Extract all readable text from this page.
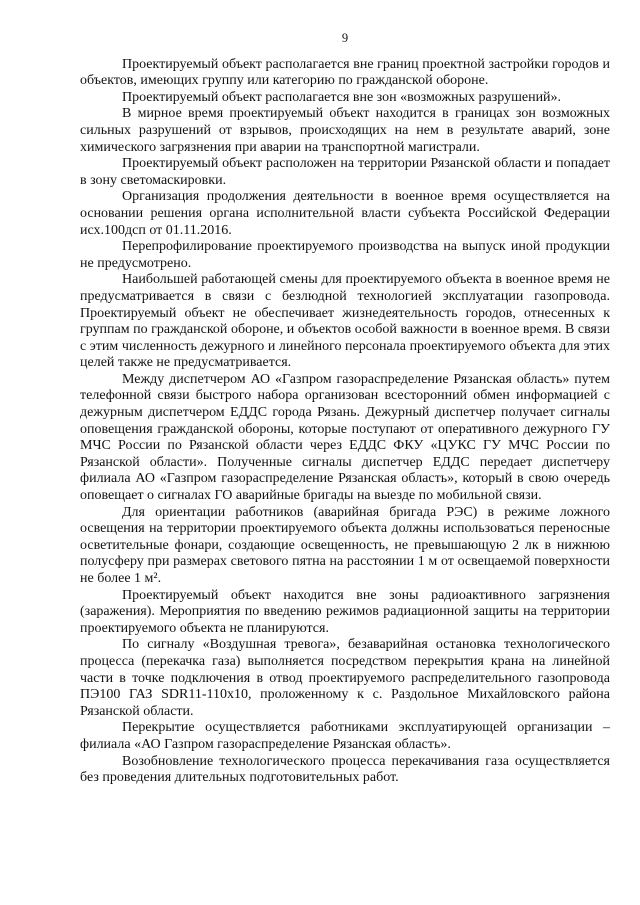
9

Проектируемый объект располагается вне границ проектной застройки городов и объектов, имеющих группу или категорию по гражданской обороне.

Проектируемый объект располагается вне зон «возможных разрушений».

В мирное время проектируемый объект находится в границах зон возможных сильных разрушений от взрывов, происходящих на нем в результате аварий, зоне химического загрязнения при аварии на транспортной магистрали.

Проектируемый объект расположен на территории Рязанской области и попадает в зону светомаскировки.

Организация продолжения деятельности в военное время осуществляется на основании решения органа исполнительной власти субъекта Российской Федерации исх.100дсп от 01.11.2016.

Перепрофилирование проектируемого производства на выпуск иной продукции не предусмотрено.

Наибольшей работающей смены для проектируемого объекта в военное время не предусматривается в связи с безлюдной технологией эксплуатации газопровода. Проектируемый объект не обеспечивает жизнедеятельность городов, отнесенных к группам по гражданской обороне, и объектов особой важности в военное время. В связи с этим численность дежурного и линейного персонала проектируемого объекта для этих целей также не предусматривается.

Между диспетчером АО «Газпром газораспределение Рязанская область» путем телефонной связи быстрого набора организован всесторонний обмен информацией с дежурным диспетчером ЕДДС города Рязань. Дежурный диспетчер получает сигналы оповещения гражданской обороны, которые поступают от оперативного дежурного ГУ МЧС России по Рязанской области через ЕДДС ФКУ «ЦУКС ГУ МЧС России по Рязанской области». Полученные сигналы диспетчер ЕДДС передает диспетчеру филиала АО «Газпром газораспределение Рязанская область», который в свою очередь оповещает о сигналах ГО аварийные бригады на выезде по мобильной связи.

Для ориентации работников (аварийная бригада РЭС) в режиме ложного освещения на территории проектируемого объекта должны использоваться переносные осветительные фонари, создающие освещенность, не превышающую 2 лк в нижнюю полусферу при размерах светового пятна на расстоянии 1 м от освещаемой поверхности не более 1 м².

Проектируемый объект находится вне зоны радиоактивного загрязнения (заражения). Мероприятия по введению режимов радиационной защиты на территории проектируемого объекта не планируются.

По сигналу «Воздушная тревога», безаварийная остановка технологического процесса (перекачка газа) выполняется посредством перекрытия крана на линейной части в точке подключения в отвод проектируемого распределительного газопровода ПЭ100 ГАЗ SDR11-110х10, проложенному к с. Раздольное Михайловского района Рязанской области.

Перекрытие осуществляется работниками эксплуатирующей организации – филиала «АО Газпром газораспределение Рязанская область».

Возобновление технологического процесса перекачивания газа осуществляется без проведения длительных подготовительных работ.
